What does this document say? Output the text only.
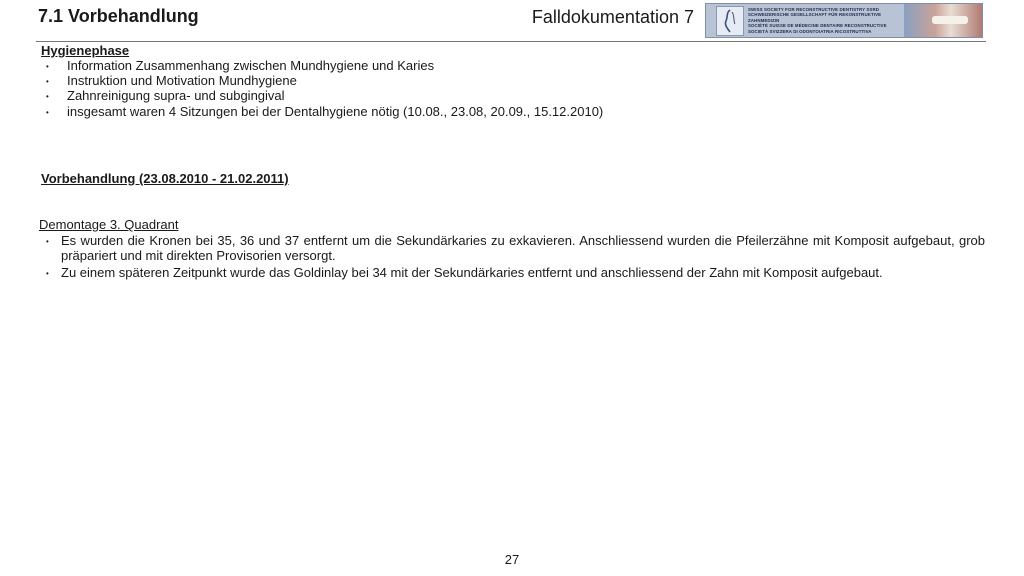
7.1 Vorbehandlung	Falldokumentation 7	SWISS SOCIETY FOR RECONSTRUCTIVE DENTISTRY SSRD
SCHWEIZERISCHE GESELLSCHAFT FÜR REKONSTRUKTIVE ZAHNMEDIZIN
SOCIÉTÉ SUISSE DE MÉDECINE DENTAIRE RECONSTRUCTIVE
SOCIETÀ SVIZZERA DI ODONTOIATRIA RICOSTRUTTIVA
Hygienephase
• Information Zusammenhang zwischen Mundhygiene und Karies
• Instruktion und Motivation Mundhygiene
• Zahnreinigung supra- und subgingival
• insgesamt waren 4 Sitzungen bei der Dentalhygiene nötig (10.08., 23.08, 20.09., 15.12.2010)
Vorbehandlung (23.08.2010 - 21.02.2011)
Demontage 3. Quadrant
• Es wurden die Kronen bei 35, 36 und 37 entfernt um die Sekundärkaries zu exkavieren. Anschliessend wurden die Pfeilerzähne mit Komposit aufgebaut, grob präpariert und mit direkten Provisorien versorgt.
• Zu einem späteren Zeitpunkt wurde das Goldinlay bei 34 mit der Sekundärkaries entfernt und anschliessend der Zahn mit Komposit aufgebaut.
27
